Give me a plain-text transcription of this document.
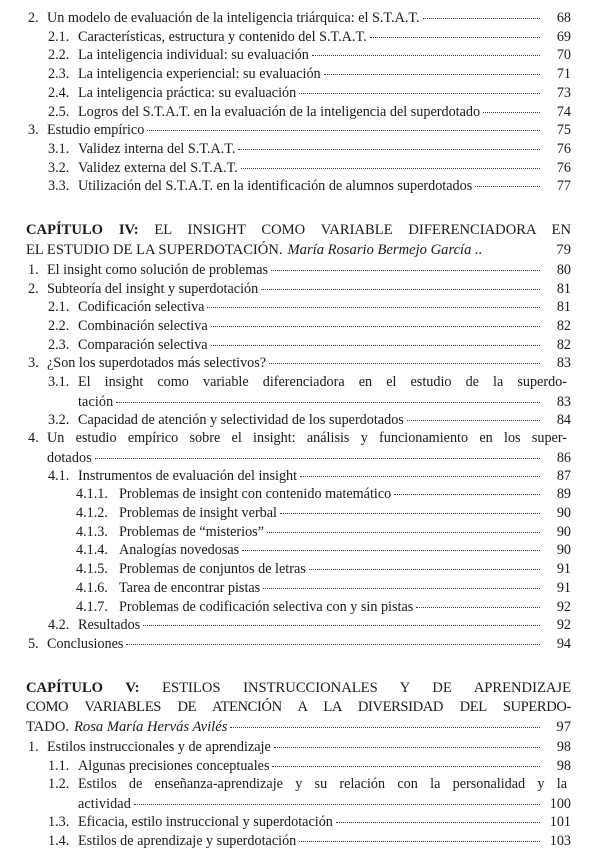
2. Un modelo de evaluación de la inteligencia triárquica: el S.T.A.T.	68
2.1. Características, estructura y contenido del S.T.A.T.	69
2.2. La inteligencia individual: su evaluación	70
2.3. La inteligencia experiencial: su evaluación	71
2.4. La inteligencia práctica: su evaluación	73
2.5. Logros del S.T.A.T. en la evaluación de la inteligencia del superdotado	74
3. Estudio empírico	75
3.1. Validez interna del S.T.A.T.	76
3.2. Validez externa del S.T.A.T.	76
3.3. Utilización del S.T.A.T. en la identificación de alumnos superdotados	77
CAPÍTULO IV: EL INSIGHT COMO VARIABLE DIFERENCIADORA EN
EL ESTUDIO DE LA SUPERDOTACIÓN. María Rosario Bermejo García ..	79
1. El insight como solución de problemas	80
2. Subteoría del insight y superdotación	81
2.1. Codificación selectiva	81
2.2. Combinación selectiva	82
2.3. Comparación selectiva	82
3. ¿Son los superdotados más selectivos?	83
3.1. El insight como variable diferenciadora en el estudio de la superdo-
tación	83
3.2. Capacidad de atención y selectividad de los superdotados	84
4. Un estudio empírico sobre el insight: análisis y funcionamiento en los super-
dotados	86
4.1. Instrumentos de evaluación del insight	87
4.1.1. Problemas de insight con contenido matemático	89
4.1.2. Problemas de insight verbal	90
4.1.3. Problemas de “misterios”	90
4.1.4. Analogías novedosas	90
4.1.5. Problemas de conjuntos de letras	91
4.1.6. Tarea de encontrar pistas	91
4.1.7. Problemas de codificación selectiva con y sin pistas	92
4.2. Resultados	92
5. Conclusiones	94
CAPÍTULO V: ESTILOS INSTRUCCIONALES Y DE APRENDIZAJE
COMO VARIABLES DE ATENCIÓN A LA DIVERSIDAD DEL SUPERDO-
TADO. Rosa María Hervás Avilés	97
1. Estilos instruccionales y de aprendizaje	98
1.1. Algunas precisiones conceptuales	98
1.2. Estilos de enseñanza-aprendizaje y su relación con la personalidad y la
actividad	100
1.3. Eficacia, estilo instruccional y superdotación	101
1.4. Estilos de aprendizaje y superdotación	103
